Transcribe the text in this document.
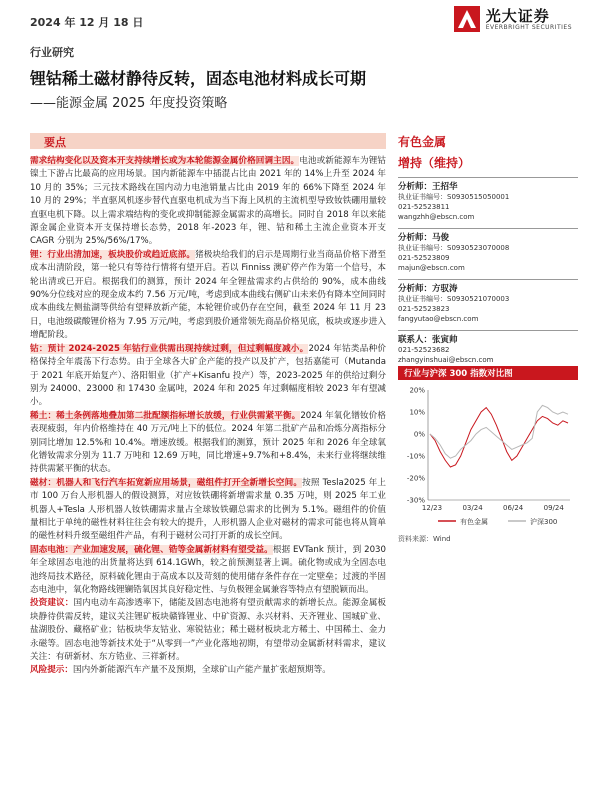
2024 年 12 月 18 日	光大证券
EVERBRIGHT SECURITIES
行业研究
锂钴稀土磁材静待反转，固态电池材料成长可期
——能源金属 2025 年度投资策略
要点

需求结构变化以及资本开支持续增长或为本轮能源金属价格回调主因。电池或新能源车为锂钴镍土下游占比最高的应用场景。国内新能源车中插混占比由 2021 年的 14%上升至 2024 年 10 月的 35%；三元技术路线在国内动力电池销量占比由 2019 年的 66%下降至 2024 年 10 月的 29%；半直驱风机逐步替代直驱电机成为当下海上风机的主流机型导致钕铁硼用量较直驱电机下降。以上需求端结构的变化或抑制能源金属需求的高增长。同时自 2018 年以来能源金属企业资本开支保持增长态势，2018 年-2023 年，锂、钴和稀土主流企业资本开支 CAGR 分别为 25%/56%/17%。

锂：行业出清加速，板块股价或趋近底部。猪极块给我们的启示是周期行业当商品价格下滑至成本出清阶段，第一轮只有等待行情将有望开启。若以 Finniss 澳矿停产作为第一个信号，本轮出清或已开启。根据我们的测算，预计 2024 年全锂盐需求约占供给的 90%，成本曲线 90%分位线对应的现金成本约 7.56 万元/吨，考虑到成本曲线右侧矿山未来仍有降本空间同时成本曲线左侧盐湖等供给有望释放新产能，本轮锂价或仍存在空间，截至 2024 年 11 月 23 日，电池级碳酸锂价格为 7.95 万元/吨，考虑到股价通常领先商品价格见底，板块或逐步进入增配阶段。

钴：预计 2024-2025 年钴行业供需出现持续过剩，但过剩幅度减小。2024 年钴类品种价格保持全年震荡下行态势。由于全球各大矿企产能的投产以及扩产，包括嘉能可（Mutanda 于 2021 年底开始复产）、洛阳钼业（扩产+Kisanfu 投产）等，2023-2025 年的供给过剩分别为 24000、23000 和 17430 金属吨，2024 年和 2025 年过剩幅度相较 2023 年有望减小。

稀土：稀土条例落地叠加第二批配额指标增长放缓，行业供需紧平衡。2024 年氧化镨钕价格表现疲弱，年内价格维持在 40 万元/吨上下的低位。2024 年第二批矿产品和冶炼分离指标分别同比增加 12.5%和 10.4%。增速放缓。根据我们的测算，预计 2025 年和 2026 年全球氧化镨钕需求分别为 11.7 万吨和 12.69 万吨，同比增速+9.7%和+8.4%，未来行业将继续维持供需紧平衡的状态。

磁材：机器人和飞行汽车拓宽新应用场景，磁组件打开全新增长空间。按照 Tesla2025 年上市 100 万台人形机器人的假设测算，对应钕铁硼将新增需求量 0.35 万吨，则 2025 年工业机器人+Tesla 人形机器人钕铁硼需求量占全球钕铁硼总需求的比例为 5.1%。磁组件的价值量相比于单纯的磁性材料往往会有较大的提升，人形机器人企业对磁材的需求可能也将从简单的磁性材料升级至磁组件产品，有利于磁材公司打开新的成长空间。

固态电池：产业加速发展，硫化锂、锆等金属新材料有望受益。根据 EVTank 预计，到 2030 年全球固态电池的出货量将达到 614.1GWh，较之前预测显著上调。硫化物或成为全固态电池终局技术路径，原料硫化锂由于高成本以及苛刻的使用储存条件存在一定壁垒；过渡的半固态电池中，氧化物路线锂镧锆氧因其良好稳定性、与负极锂金属兼容等特点有望脱颖而出。

投资建议：国内电动车高渗透率下，储能及固态电池将有望贡献需求的新增长点。能源金属板块静待供需反转，建议关注锂矿板块赣锋锂业、中矿资源、永兴材料、天齐锂业、国城矿业、盐湖股份、藏格矿业；钴板块华友钴业、寒锐钴业；稀土磁材板块北方稀土、中国稀土、金力永磁等。固态电池等新技术处于“从零到一”产业化落地初期，有望带动金属新材料需求，建议关注：有研新材、东方锆业、三祥新材。

风险提示：国内外新能源汽车产量不及预期，全球矿山产能产量扩张超预期等。

有色金属
增持（维持）
分析师：王招华
执业证书编号：S0930515050001
021-52523811
wangzhh@ebscn.com
分析师：马俊
执业证书编号：S0930523070008
021-52523809
majun@ebscn.com
分析师：方驭涛
执业证书编号：S0930521070003
021-52523823
fangyutao@ebscn.com
联系人：张寅帅
021-52523682
zhangyinshuai@ebscn.com
行业与沪深 300 指数对比图
-30%
-20%
-10%
0%
10%
20%
12/23	03/24	06/24	09/24
有色金属	沪深300
资料来源：Wind
